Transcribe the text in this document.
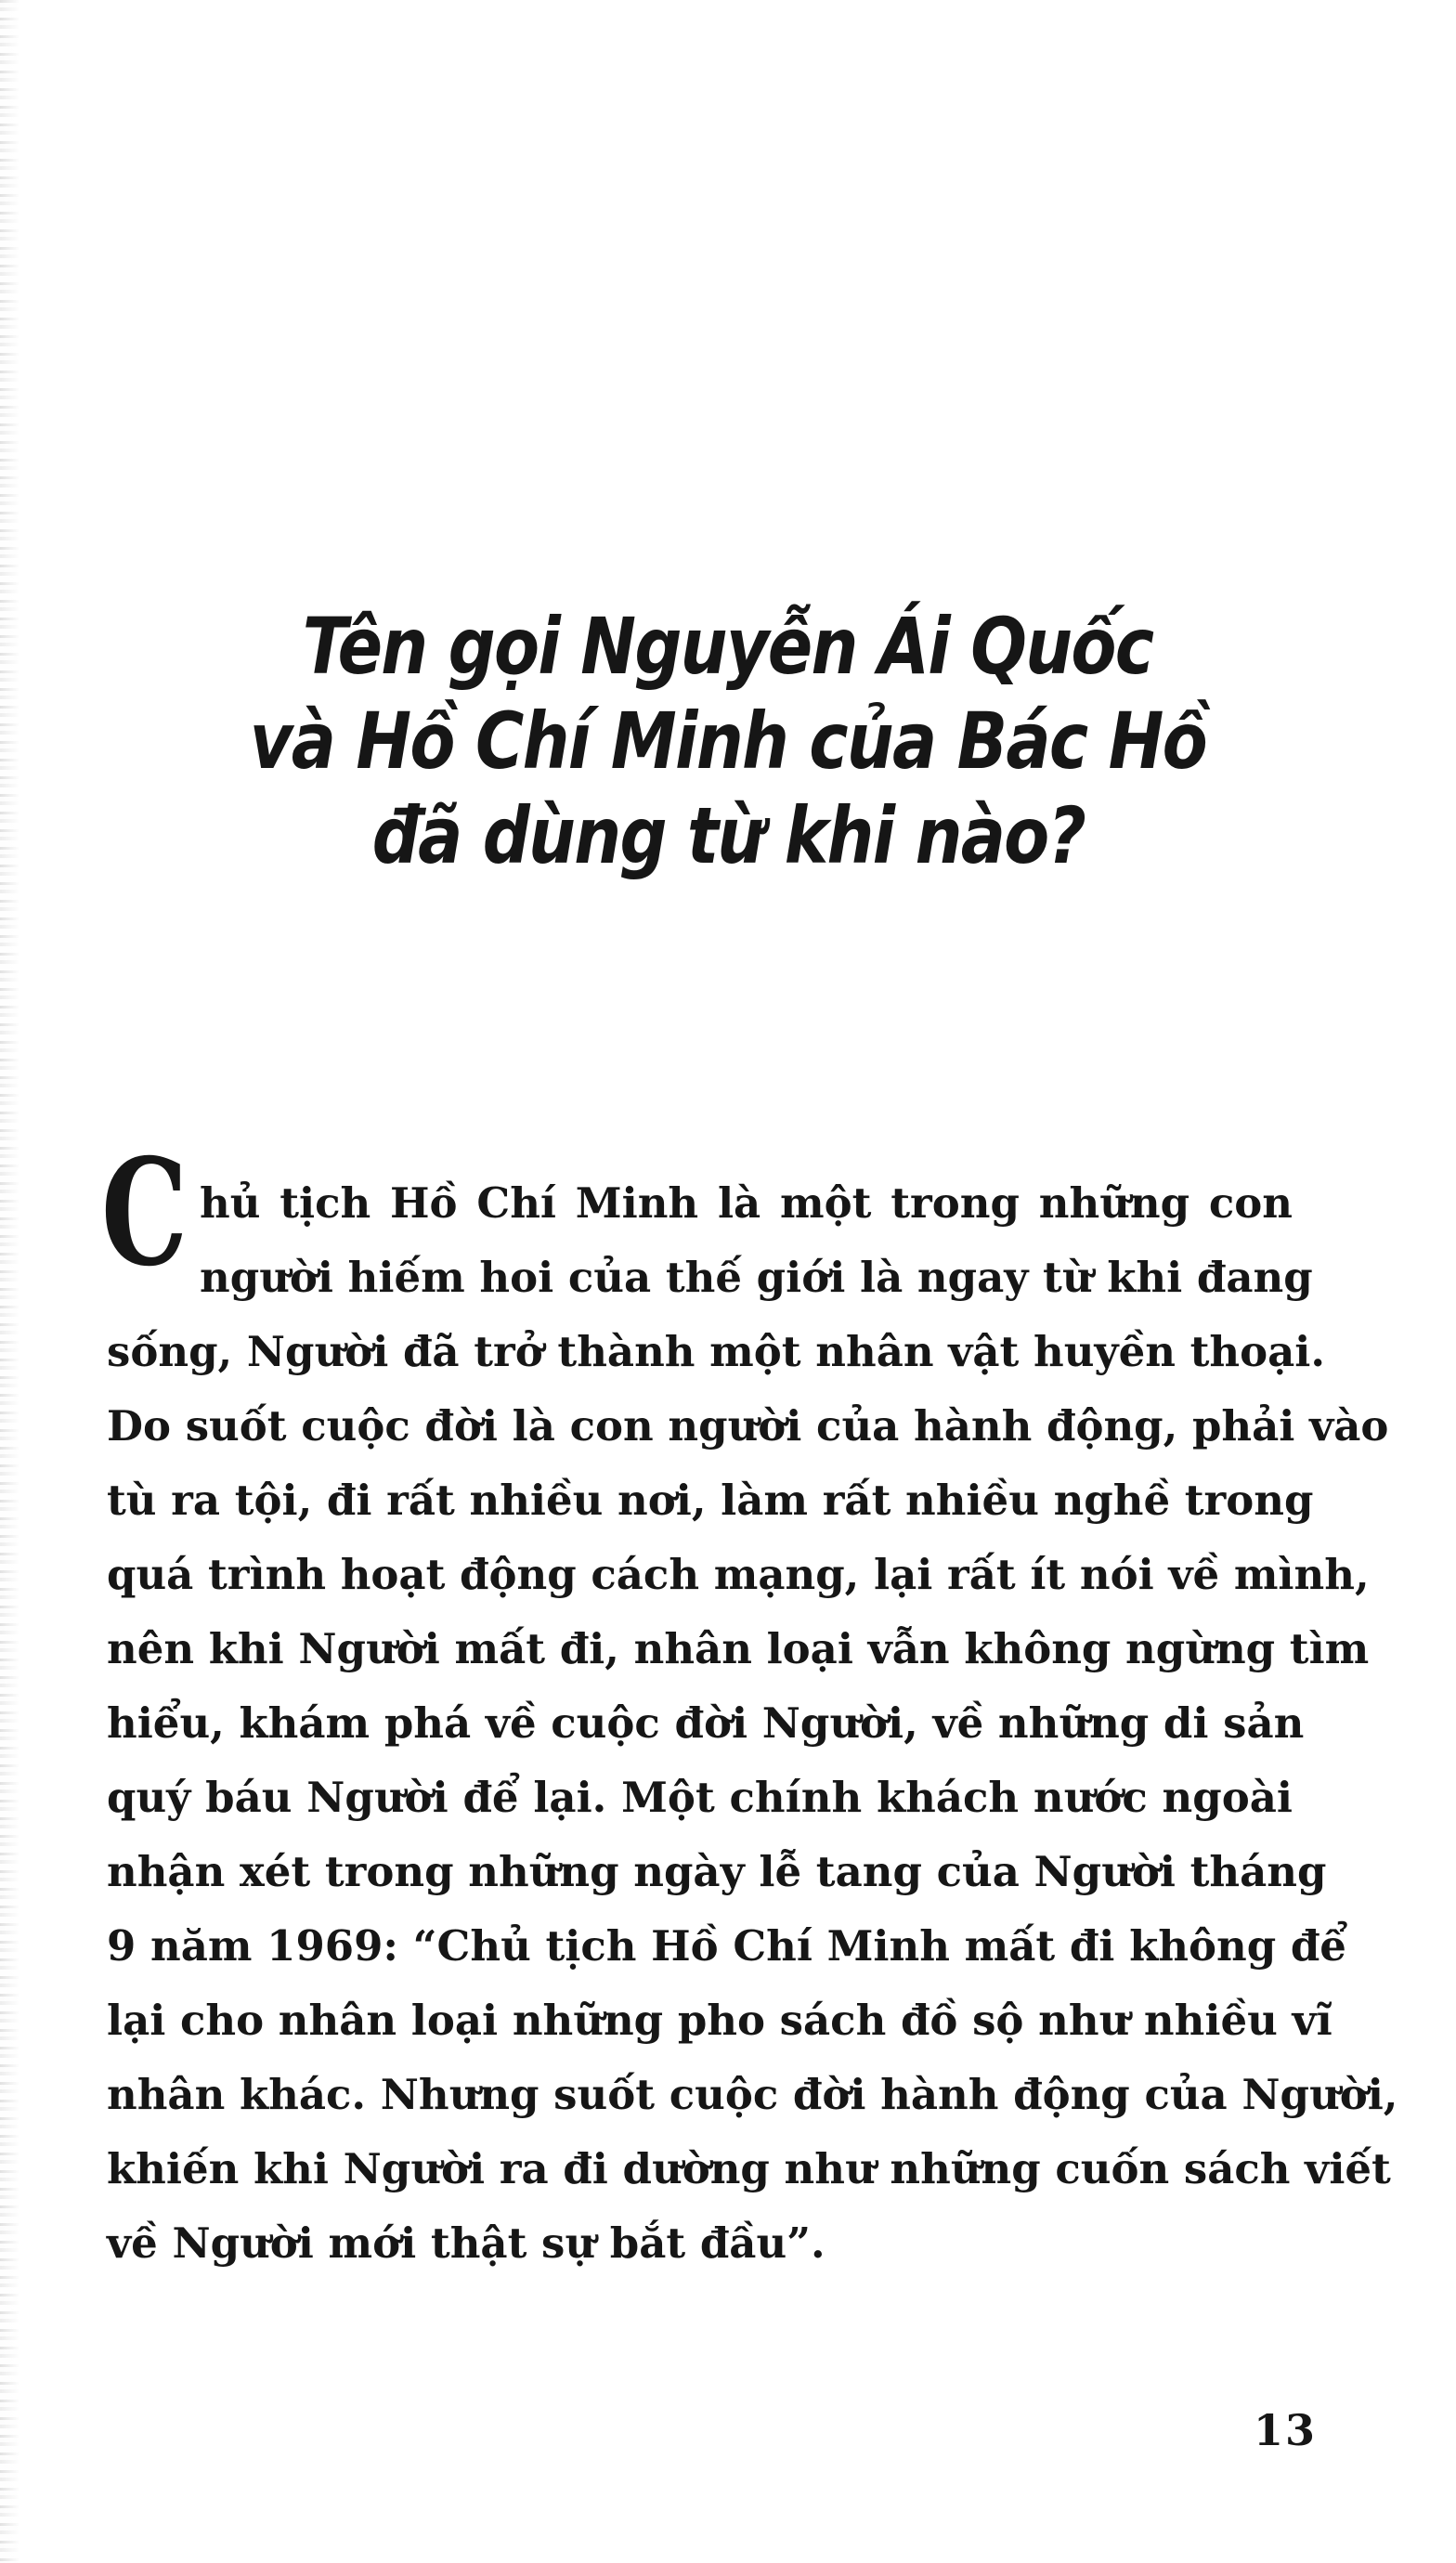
Tên gọi Nguyễn Ái Quốc
và Hồ Chí Minh của Bác Hồ
đã dùng từ khi nào?
C hủ tịch Hồ Chí Minh là một trong những con
người hiếm hoi của thế giới là ngay từ khi đang
sống, Người đã trở thành một nhân vật huyền thoại.
Do suốt cuộc đời là con người của hành động, phải vào
tù ra tội, đi rất nhiều nơi, làm rất nhiều nghề trong
quá trình hoạt động cách mạng, lại rất ít nói về mình,
nên khi Người mất đi, nhân loại vẫn không ngừng tìm
hiểu, khám phá về cuộc đời Người, về những di sản
quý báu Người để lại. Một chính khách nước ngoài
nhận xét trong những ngày lễ tang của Người tháng
9 năm 1969: “Chủ tịch Hồ Chí Minh mất đi không để
lại cho nhân loại những pho sách đồ sộ như nhiều vĩ
nhân khác. Nhưng suốt cuộc đời hành động của Người,
khiến khi Người ra đi dường như những cuốn sách viết
về Người mới thật sự bắt đầu”.
13
